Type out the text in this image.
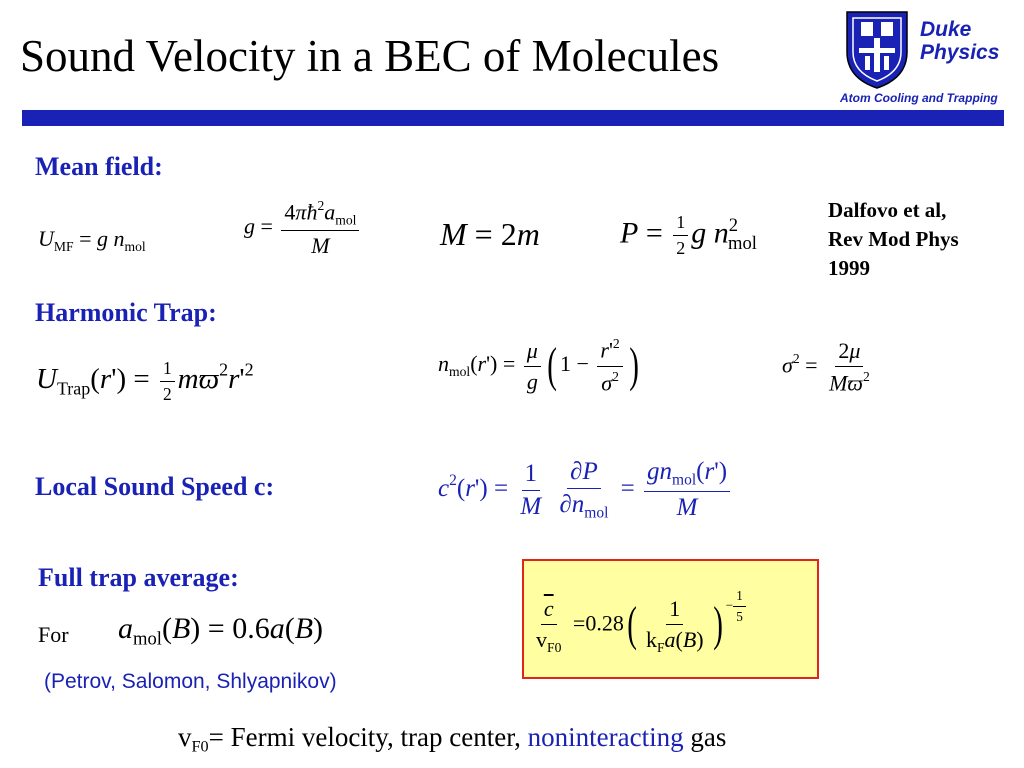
Sound Velocity in a BEC of Molecules
Duke
Physics
Atom Cooling and Trapping
Mean field:
$U_{MF} = g$ $n_{mol}$
$g = \frac{4\pi ħ^2a_{mol}}{M}$	M = 2m	$P = \frac{1}{2}$ g $n^2_{mol}$
Dalfovo et al,
Rev Mod Phys
1999
Harmonic Trap:
$U_{Trap}(r') = \frac{1}{2} mϖ^2r'^2$	$n_{mol}(r') = \frac{\mu}{g}$ ( $1 - \frac{r'^2}{\sigma^2}$ )	$\sigma^2 = \frac{2\mu}{Mϖ^2}$
Local Sound Speed c:	$c^2(r') = \frac{1}{M}$
$\frac{\partial P}{\partial n_{mol}} = \frac{gn_{mol}(r')}{M}$
Full trap average:
For $a_{mol}(B) = 0.6a(B)$
(Petrov, Salomon, Shlyapnikov)
$\frac{\overline{c}}{v_{F0}} =0.28( \frac{1}{k_Fa(B)}$ ) − $\frac{1}{5}$
$v_{F0}=$ Fermi velocity, trap center, noninteracting gas
